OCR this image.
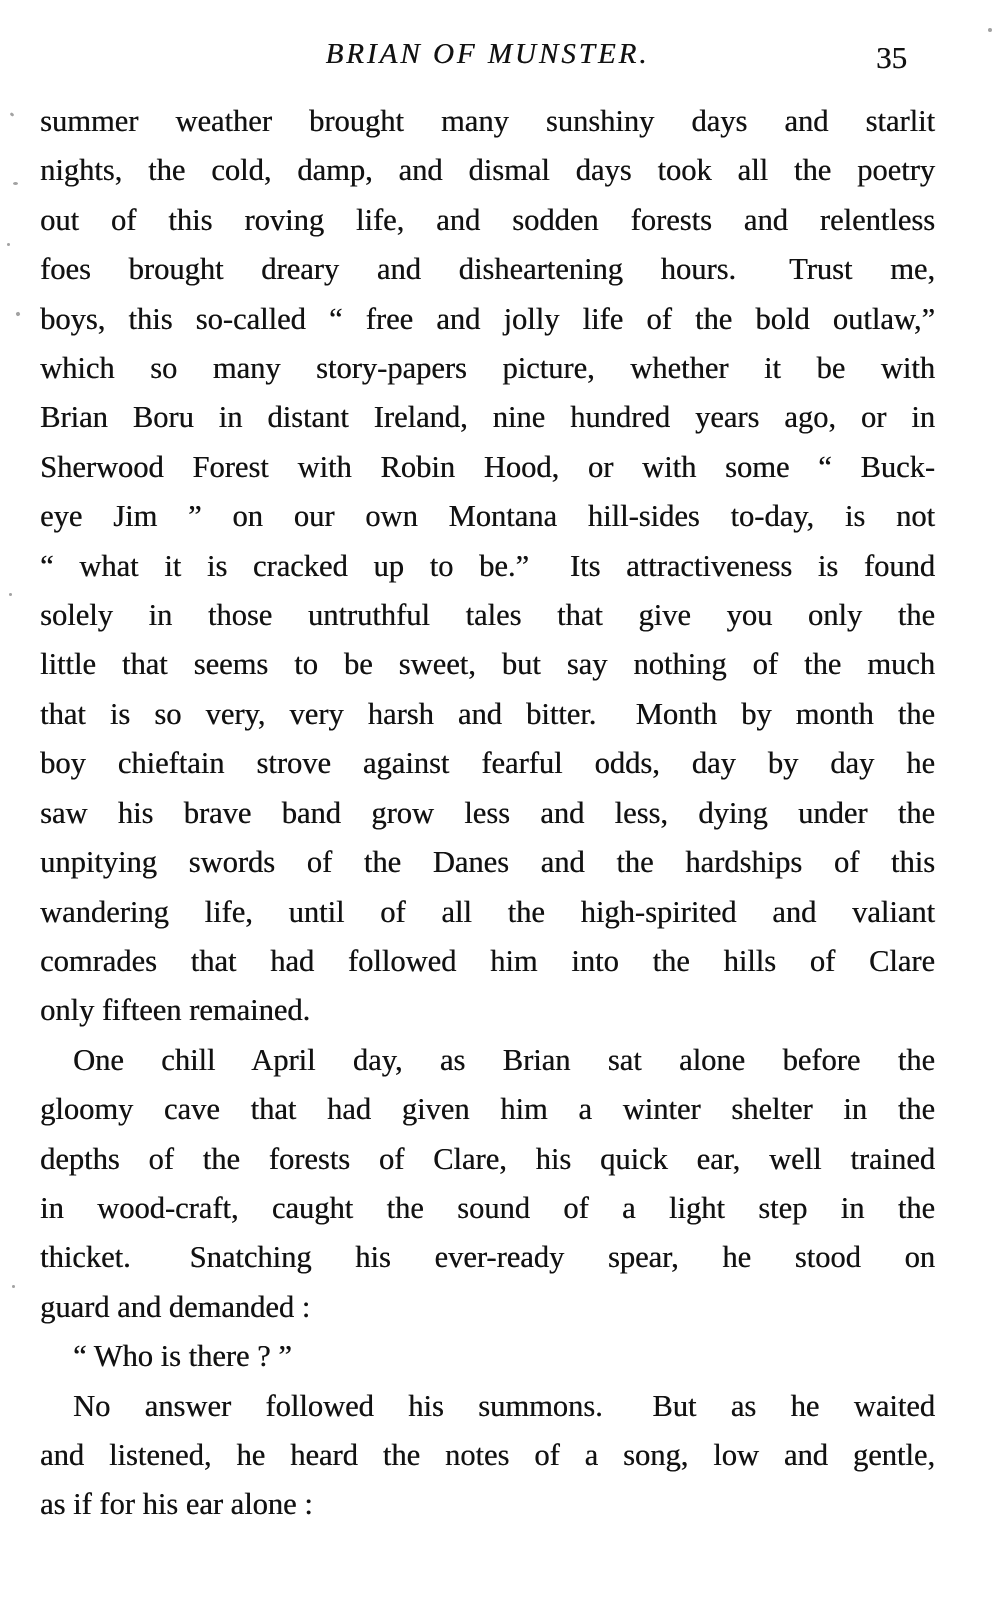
BRIAN OF MUNSTER.	35
summer weather brought many sunshiny days and starlit
nights, the cold, damp, and dismal days took all the poetry
out of this roving life, and sodden forests and relentless
foes brought dreary and disheartening hours.  Trust me,
boys, this so-called “ free and jolly life of the bold outlaw,”
which so many story-papers picture, whether it be with
Brian Boru in distant Ireland, nine hundred years ago, or in
Sherwood Forest with Robin Hood, or with some “ Buck-
eye Jim ” on our own Montana hill-sides to-day, is not
“ what it is cracked up to be.”  Its attractiveness is found
solely in those untruthful tales that give you only the
little that seems to be sweet, but say nothing of the much
that is so very, very harsh and bitter.  Month by month the
boy chieftain strove against fearful odds, day by day he
saw his brave band grow less and less, dying under the
unpitying swords of the Danes and the hardships of this
wandering life, until of all the high-spirited and valiant
comrades that had followed him into the hills of Clare
only fifteen remained.
One chill April day, as Brian sat alone before the
gloomy cave that had given him a winter shelter in the
depths of the forests of Clare, his quick ear, well trained
in wood-craft, caught the sound of a light step in the
thicket.  Snatching his ever-ready spear, he stood on
guard and demanded :
“ Who is there ? ”
No answer followed his summons.  But as he waited
and listened, he heard the notes of a song, low and gentle,
as if for his ear alone :
